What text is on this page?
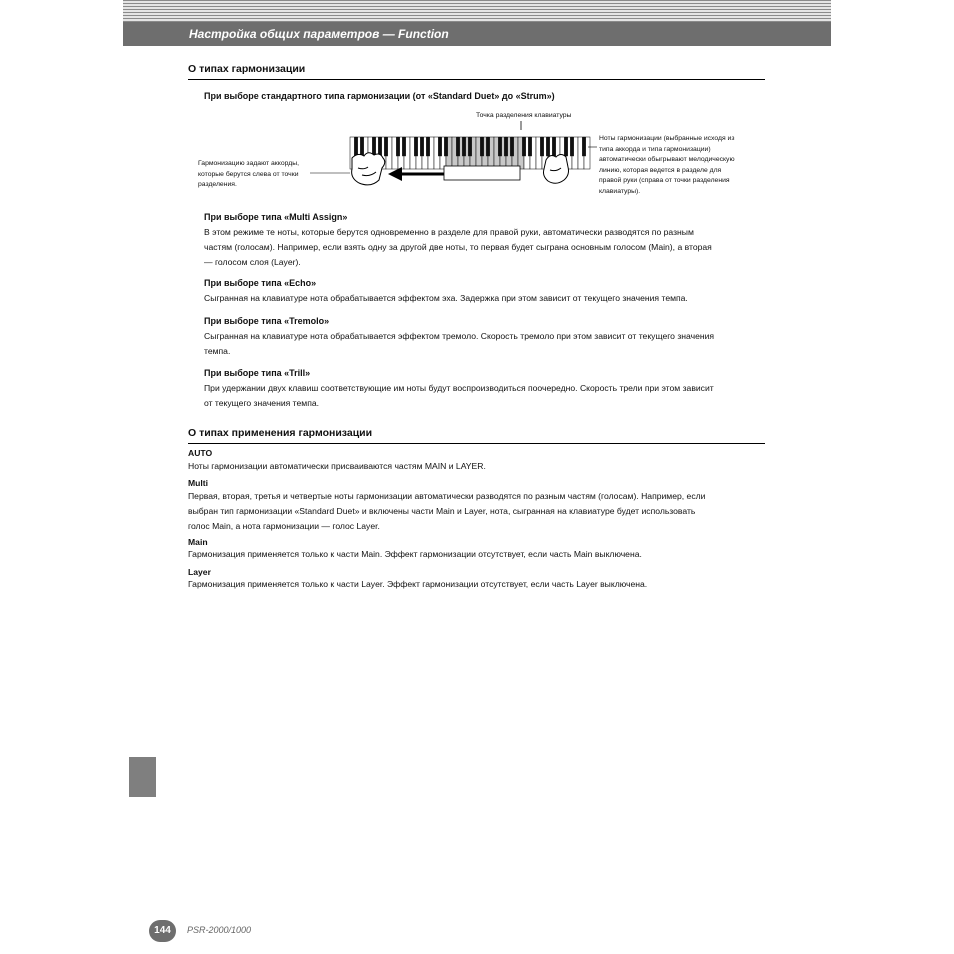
Настройка общих параметров — Function
О типах гармонизации
При выборе стандартного типа гармонизации (от «Standard Duet» до «Strum»)
Точка разделения клавиатуры
Гармонизацию задают аккорды,
которые берутся слева от точки
разделения.
Ноты гармонизации (выбранные исходя из
типа аккорда и типа гармонизации)
автоматически обыгрывают мелодическую
линию, которая ведется в разделе для
правой руки (справа от точки разделения
клавиатуры).
При выборе типа «Multi Assign»
В этом режиме те ноты, которые берутся одновременно в разделе для правой руки, автоматически разводятся по разным
частям (голосам). Например, если взять одну за другой две ноты, то первая будет сыграна основным голосом (Main), а вторая
— голосом слоя (Layer).
При выборе типа «Echo»
Сыгранная на клавиатуре нота обрабатывается эффектом эха. Задержка при этом зависит от текущего значения темпа.
При выборе типа «Tremolo»
Сыгранная на клавиатуре нота обрабатывается эффектом тремоло. Скорость тремоло при этом зависит от текущего значения
темпа.
При выборе типа «Trill»
При удержании двух клавиш соответствующие им ноты будут воспроизводиться поочередно. Скорость трели при этом зависит
от текущего значения темпа.
О типах применения гармонизации
AUTO
Ноты гармонизации автоматически присваиваются частям MAIN и LAYER.
Multi
Первая, вторая, третья и четвертые ноты гармонизации автоматически разводятся по разным частям (голосам). Например, если
выбран тип гармонизации «Standard Duet» и включены части Main и Layer, нота, сыгранная на клавиатуре будет использовать
голос Main, а нота гармонизации — голос Layer.
Main
Гармонизация применяется только к части Main. Эффект гармонизации отсутствует, если часть Main выключена.
Layer
Гармонизация применяется только к части Layer. Эффект гармонизации отсутствует, если часть Layer выключена.
144	PSR-2000/1000
